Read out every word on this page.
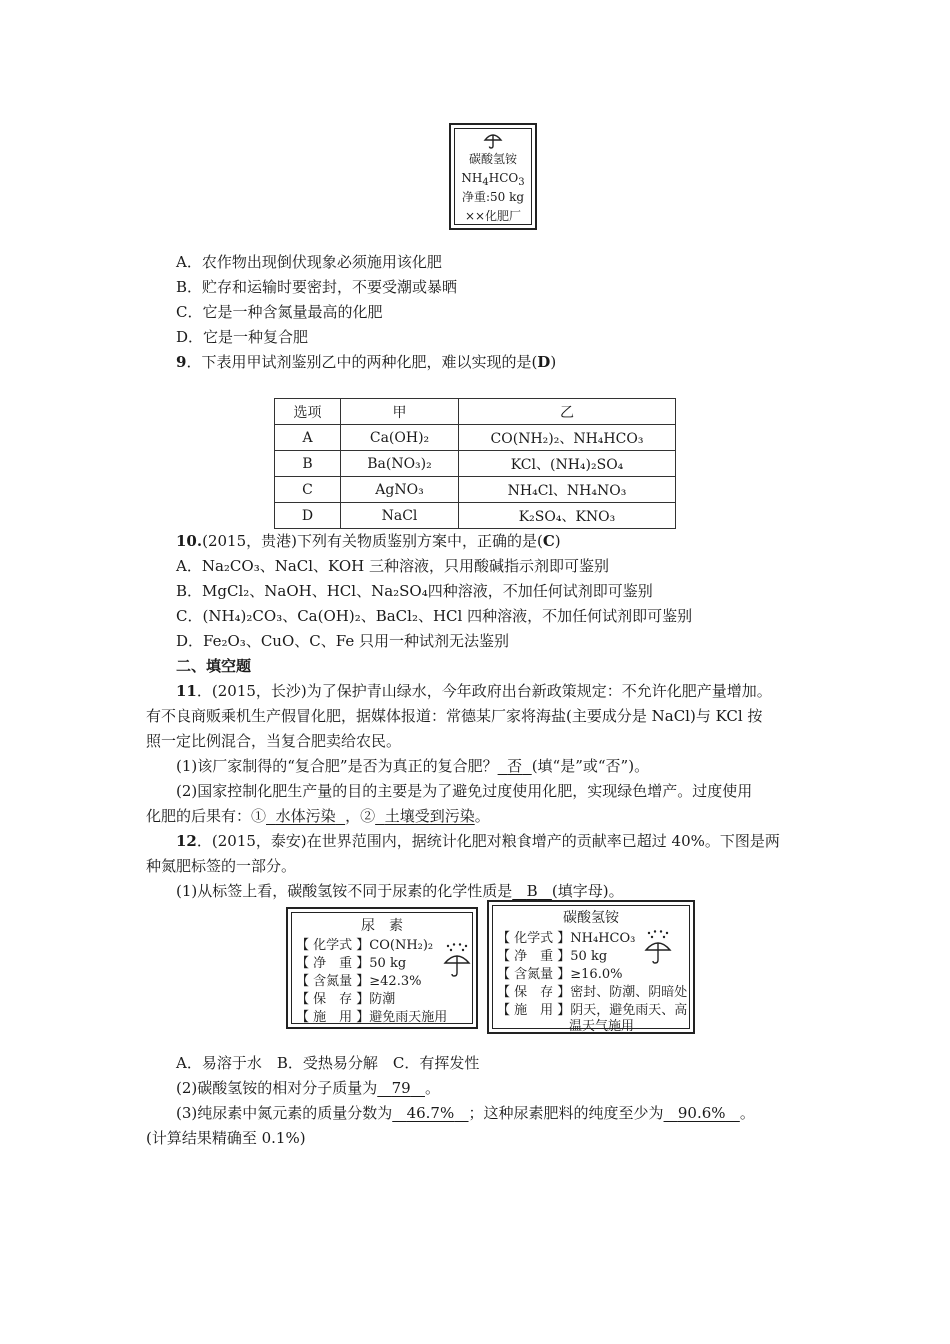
碳酸氢铵
$NH_4HCO_3$
净重:50 kg
××化肥厂
A．农作物出现倒伏现象必须施用该化肥
B．贮存和运输时要密封，不要受潮或暴晒
C．它是一种含氮量最高的化肥
D．它是一种复合肥
9．下表用甲试剂鉴别乙中的两种化肥，难以实现的是(D)
选项	甲	乙
A	Ca(OH)₂	CO(NH₂)₂、NH₄HCO₃
B	Ba(NO₃)₂	KCl、(NH₄)₂SO₄
C	AgNO₃	NH₄Cl、NH₄NO₃
D	NaCl	K₂SO₄、KNO₃
10.(2015，贵港)下列有关物质鉴别方案中，正确的是(C)
A．Na₂CO₃、NaCl、KOH 三种溶液，只用酸碱指示剂即可鉴别
B．MgCl₂、NaOH、HCl、Na₂SO₄四种溶液，不加任何试剂即可鉴别
C．(NH₄)₂CO₃、Ca(OH)₂、BaCl₂、HCl 四种溶液，不加任何试剂即可鉴别
D．Fe₂O₃、CuO、C、Fe 只用一种试剂无法鉴别
二、填空题
11．(2015，长沙)为了保护青山绿水，今年政府出台新政策规定：不允许化肥产量增加。
有不良商贩乘机生产假冒化肥，据媒体报道：常德某厂家将海盐(主要成分是 NaCl)与 KCl 按
照一定比例混合，当复合肥卖给农民。
(1)该厂家制得的“复合肥”是否为真正的复合肥？ 否 (填“是”或“否”)。
(2)国家控制化肥生产量的目的主要是为了避免过度使用化肥，实现绿色增产。过度使用
化肥的后果有：① 水体污染 ，② 土壤受到污染。
12．(2015，泰安)在世界范围内，据统计化肥对粮食增产的贡献率已超过 40%。下图是两
种氮肥标签的一部分。
(1)从标签上看，碳酸氢铵不同于尿素的化学性质是 B (填字母)。
尿　素
【 化学式 】CO(NH₂)₂
【 净　重 】50 kg
【 含氮量 】≥42.3%
【 保　存 】防潮
【 施　用 】避免雨天施用
碳酸氢铵
【 化学式 】NH₄HCO₃
【 净　重 】50 kg
【 含氮量 】≥16.0%
【 保　存 】密封、防潮、阴暗处
【 施　用 】阴天，避免雨天、高
温天气施用
A．易溶于水　B．受热易分解　C．有挥发性
(2)碳酸氢铵的相对分子质量为 79 。
(3)纯尿素中氮元素的质量分数为 46.7% ；这种尿素肥料的纯度至少为 90.6% 。
(计算结果精确至 0.1%)
